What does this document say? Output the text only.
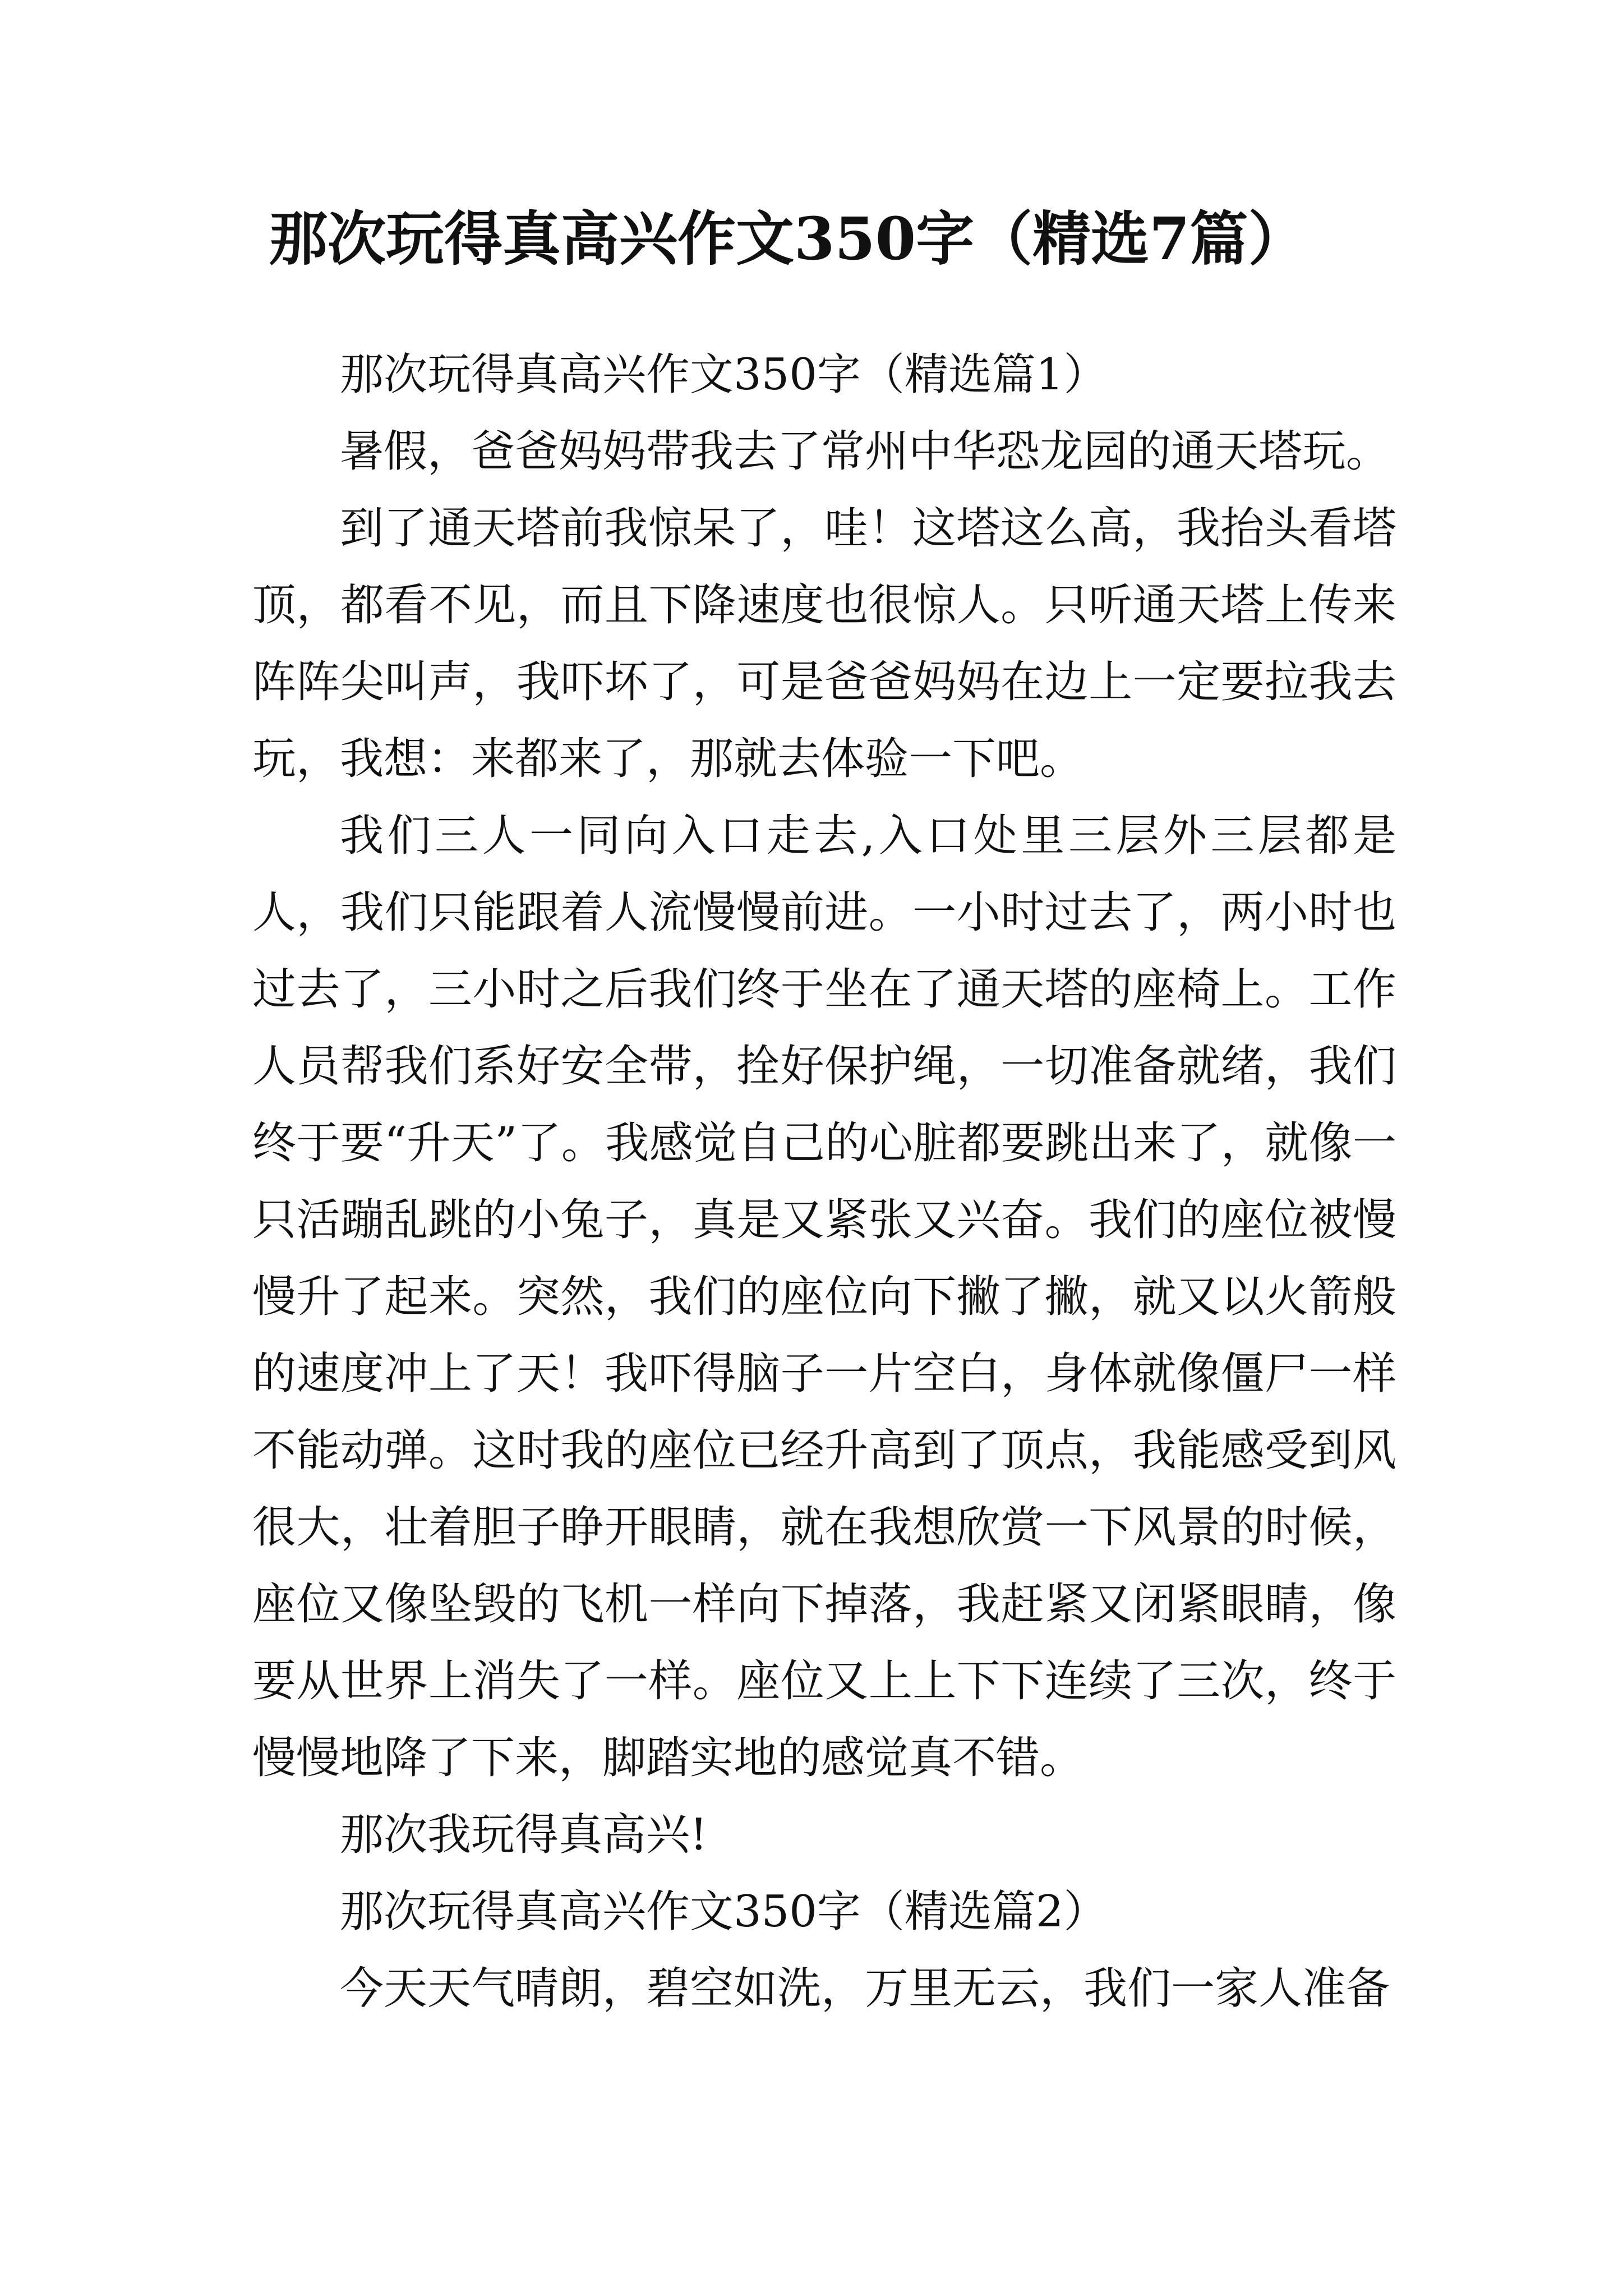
那次玩得真高兴作文350字（精选7篇）

那次玩得真高兴作文350字（精选篇1）

暑假，爸爸妈妈带我去了常州中华恐龙园的通天塔玩。

到了通天塔前我惊呆了，哇！这塔这么高，我抬头看塔顶，都看不见，而且下降速度也很惊人。只听通天塔上传来阵阵尖叫声，我吓坏了，可是爸爸妈妈在边上一定要拉我去玩，我想：来都来了，那就去体验一下吧。

我们三人一同向入口走去,入口处里三层外三层都是人，我们只能跟着人流慢慢前进。一小时过去了，两小时也过去了，三小时之后我们终于坐在了通天塔的座椅上。工作人员帮我们系好安全带，拴好保护绳，一切准备就绪，我们终于要“升天”了。我感觉自己的心脏都要跳出来了，就像一只活蹦乱跳的小兔子，真是又紧张又兴奋。我们的座位被慢慢升了起来。突然，我们的座位向下撇了撇，就又以火箭般的速度冲上了天！我吓得脑子一片空白，身体就像僵尸一样不能动弹。这时我的座位已经升高到了顶点，我能感受到风很大，壮着胆子睁开眼睛，就在我想欣赏一下风景的时候，座位又像坠毁的飞机一样向下掉落，我赶紧又闭紧眼睛，像要从世界上消失了一样。座位又上上下下连续了三次，终于慢慢地降了下来，脚踏实地的感觉真不错。

那次我玩得真高兴!

那次玩得真高兴作文350字（精选篇2）

今天天气晴朗，碧空如洗，万里无云，我们一家人准备
